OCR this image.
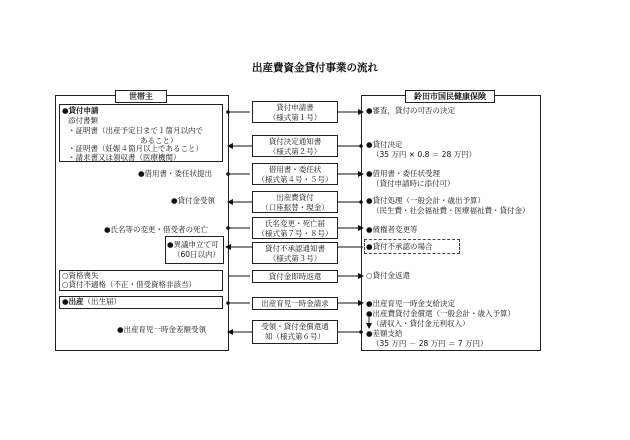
出産費資金貸付事業の流れ
世帯主	鈴田市国民健康保険
●貸付申請
添付書類
・証明書（出産予定日まで１箇月以内で
あること）
・証明書（妊娠４箇月以上であること）
・請求書又は領収書（医療機関）
●借用書・委任状提出
●貸付金受領
●氏名等の変更・借受者の死亡
●異議申立て可
（60日以内）
○資格喪失
○貸付不適格（不正・借受資格非該当）
●出産（出生届）
●出産育児一時金差額受領
貸付申請書
（様式第１号）
貸付決定通知書
（様式第２号）
借用書・委任状
（様式第４号・５号）
出産費貸付
（口座振替・現金）
氏名変更・死亡届
（様式第７号・８号）
貸付不承認通知書
（様式第３号）
貸付金即時返還
出産育児一時金請求
受領・貸付金償還通
知（様式第６号）
●審査，貸付の可否の決定
●貸付決定
（35 万円 × 0.8 ＝ 28 万円）
●借用書・委任状受理
（貸付申請時に添付可）
●貸付処理（一般会計・歳出予算）
（民生費・社会福祉費・医療福祉費・貸付金）
●債権者変更等
●貸付不承認の場合
○貸付金返還
●出産育児一時金支給決定
●出産費貸付金償還（一般会計・歳入予算）
（諸収入・貸付金元利収入）
●差額支給
（35 万円 － 28 万円 ＝ 7 万円）
